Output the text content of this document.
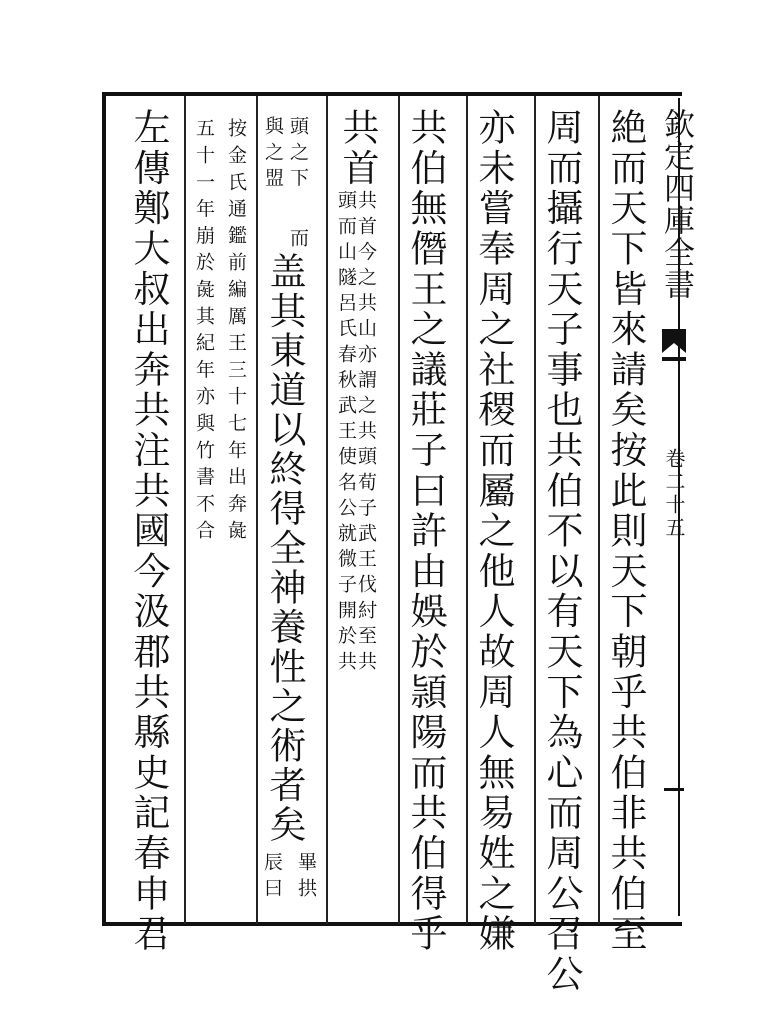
欽定四庫全書
卷二十五
絶而天下皆來請矣按此則天下朝乎共伯非共伯至
周而攝行天子事也共伯不以有天下為心而周公召公
亦未嘗奉周之社稷而屬之他人故周人無易姓之嫌
共伯無僭王之議莊子曰許由娛於頴陽而共伯得乎
共首
共首今之共山亦謂之共頭荀子武王伐紂至共
頭而山隧呂氏春秋武王使名公就微子開於共
頭之下
與之盟
而
盖其東道以終得全神養性之術者矣
畢拱
辰曰
按金氏通鑑前編厲王三十七年出奔彘
五十一年崩於彘其紀年亦與竹書不合
左傳鄭大叔出奔共注共國今汲郡共縣史記春申君
